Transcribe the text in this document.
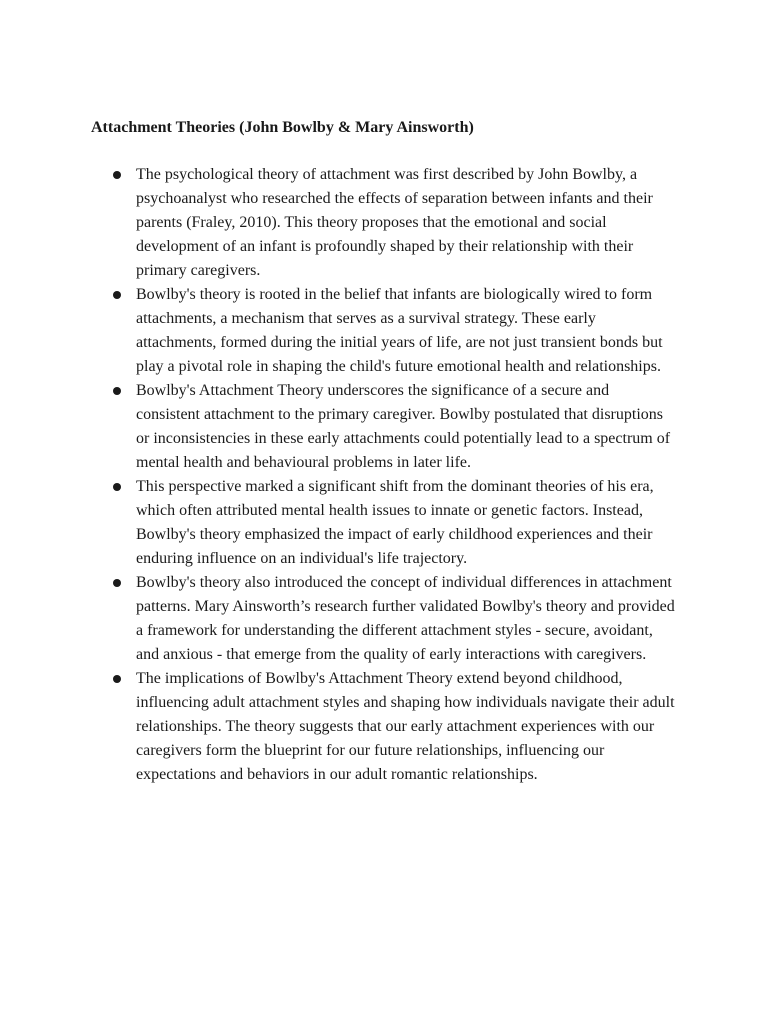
Attachment Theories (John Bowlby & Mary Ainsworth)
The psychological theory of attachment was first described by John Bowlby, a psychoanalyst who researched the effects of separation between infants and their parents (Fraley, 2010). This theory proposes that the emotional and social development of an infant is profoundly shaped by their relationship with their primary caregivers.
Bowlby's theory is rooted in the belief that infants are biologically wired to form attachments, a mechanism that serves as a survival strategy. These early attachments, formed during the initial years of life, are not just transient bonds but play a pivotal role in shaping the child's future emotional health and relationships.
Bowlby's Attachment Theory underscores the significance of a secure and consistent attachment to the primary caregiver. Bowlby postulated that disruptions or inconsistencies in these early attachments could potentially lead to a spectrum of mental health and behavioural problems in later life.
This perspective marked a significant shift from the dominant theories of his era, which often attributed mental health issues to innate or genetic factors. Instead, Bowlby's theory emphasized the impact of early childhood experiences and their enduring influence on an individual's life trajectory.
Bowlby's theory also introduced the concept of individual differences in attachment patterns. Mary Ainsworth’s research further validated Bowlby's theory and provided a framework for understanding the different attachment styles - secure, avoidant, and anxious - that emerge from the quality of early interactions with caregivers.
The implications of Bowlby's Attachment Theory extend beyond childhood, influencing adult attachment styles and shaping how individuals navigate their adult relationships. The theory suggests that our early attachment experiences with our caregivers form the blueprint for our future relationships, influencing our expectations and behaviors in our adult romantic relationships.
